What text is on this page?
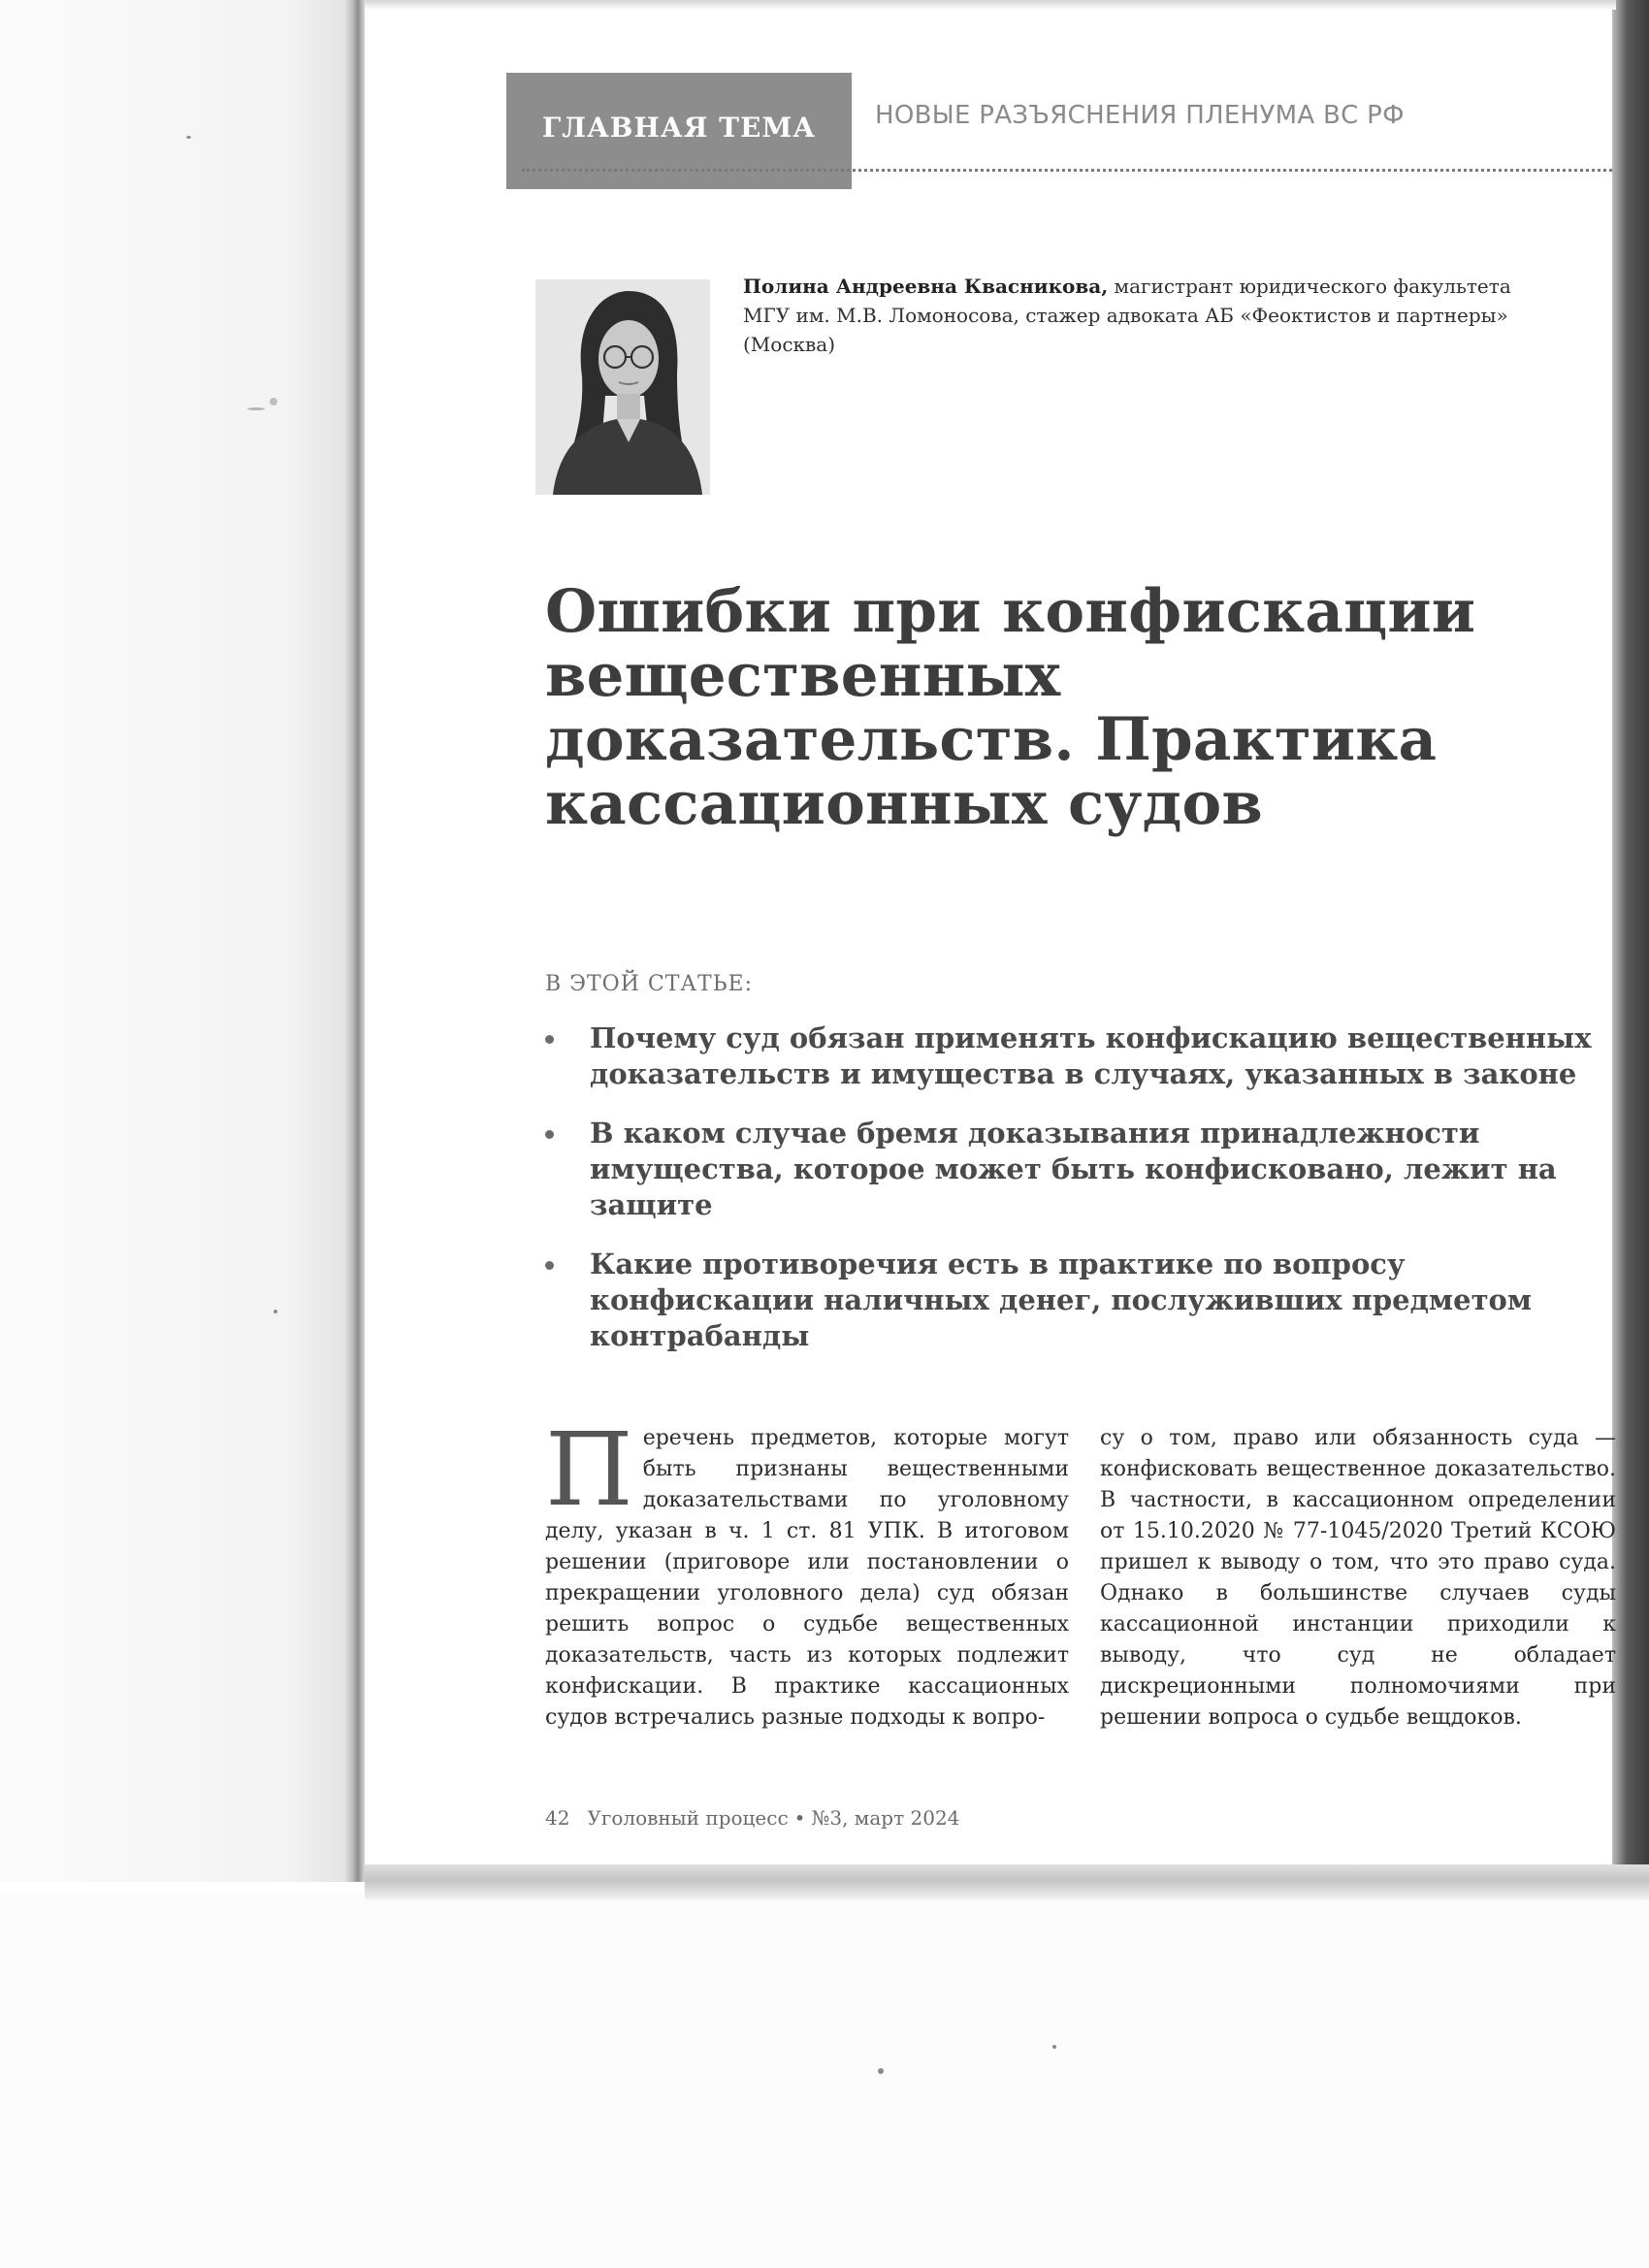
ГЛАВНАЯ ТЕМА	НОВЫЕ РАЗЪЯСНЕНИЯ ПЛЕНУМА ВС РФ
Полина Андреевна Квасникова, магистрант юридического факультета МГУ им. М.В. Ломоносова, стажер адвоката АБ «Феоктистов и партнеры» (Москва)
Ошибки при конфискации вещественных доказательств. Практика кассационных судов
В ЭТОЙ СТАТЬЕ:
Почему суд обязан применять конфискацию вещественных доказательств и имущества в случаях, указанных в законе
В каком случае бремя доказывания принадлежности имущества, которое может быть конфисковано, лежит на защите
Какие противоречия есть в практике по вопросу конфискации наличных денег, послуживших предметом контрабанды
Перечень предметов, которые могут быть признаны вещественными доказательствами по уголовному делу, указан в ч. 1 ст. 81 УПК. В итоговом решении (приговоре или постановлении о прекращении уголовного дела) суд обязан решить вопрос о судьбе вещественных доказательств, часть из которых подлежит конфискации. В практике кассационных судов встречались разные подходы к вопро-
су о том, право или обязанность суда — конфисковать вещественное доказательство. В частности, в кассационном определении от 15.10.2020 № 77-1045/2020 Третий КСОЮ пришел к выводу о том, что это право суда. Однако в большинстве случаев суды кассационной инстанции приходили к выводу, что суд не обладает дискреционными полномочиями при решении вопроса о судьбе вещдоков.
42 Уголовный процесс • №3, март 2024
